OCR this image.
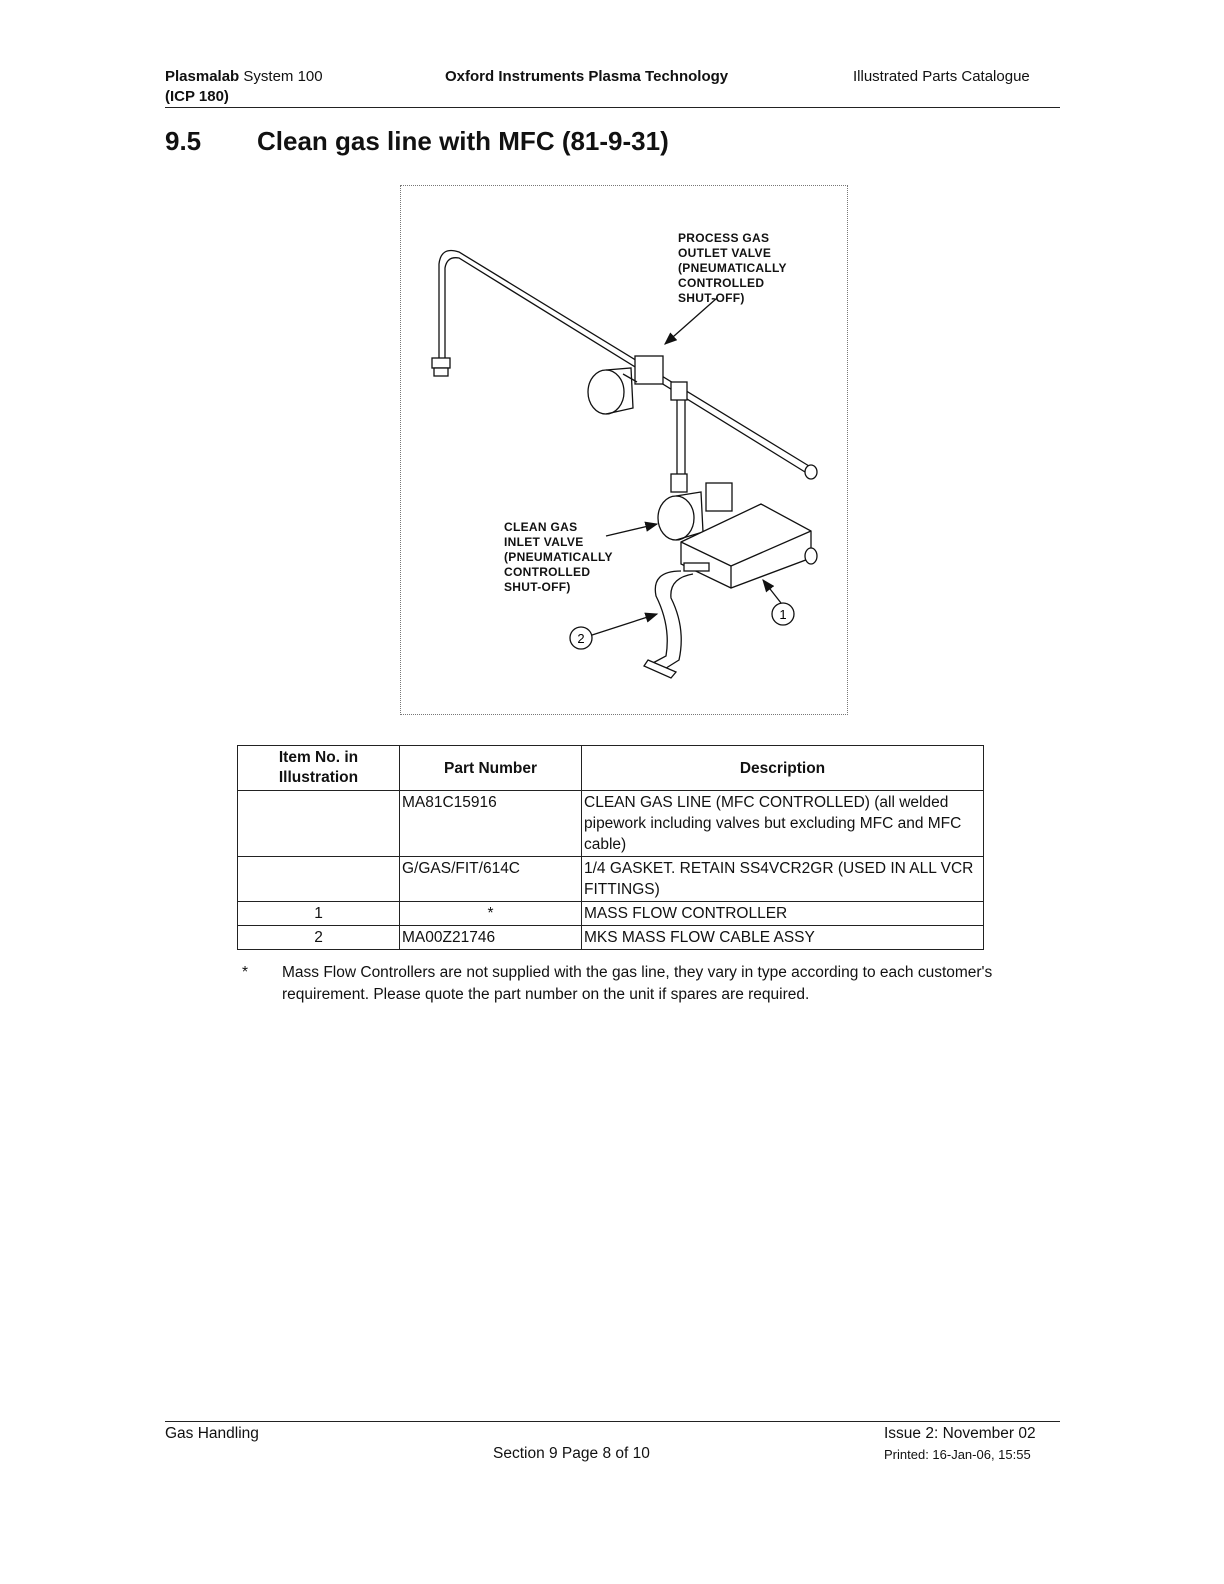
Plasmalab System 100
(ICP 180)
Oxford Instruments Plasma Technology	Illustrated Parts Catalogue
9.5 Clean gas line with MFC (81-9-31)
1
2
PROCESS GAS
OUTLET VALVE
(PNEUMATICALLY
CONTROLLED
SHUT-OFF)
CLEAN GAS
INLET VALVE
(PNEUMATICALLY
CONTROLLED
SHUT-OFF)
Item No. in Illustration	Part Number	Description
	MA81C15916	CLEAN GAS LINE (MFC CONTROLLED) (all welded pipework including valves but excluding MFC and MFC cable)
	G/GAS/FIT/614C	1/4 GASKET. RETAIN SS4VCR2GR (USED IN ALL VCR FITTINGS)
1	*	MASS FLOW CONTROLLER
2	MA00Z21746	MKS MASS FLOW CABLE ASSY
* Mass Flow Controllers are not supplied with the gas line, they vary in type according to each customer's requirement. Please quote the part number on the unit if spares are required.
Gas Handling
Section 9 Page 8 of 10
Issue 2: November 02
Printed: 16-Jan-06, 15:55
